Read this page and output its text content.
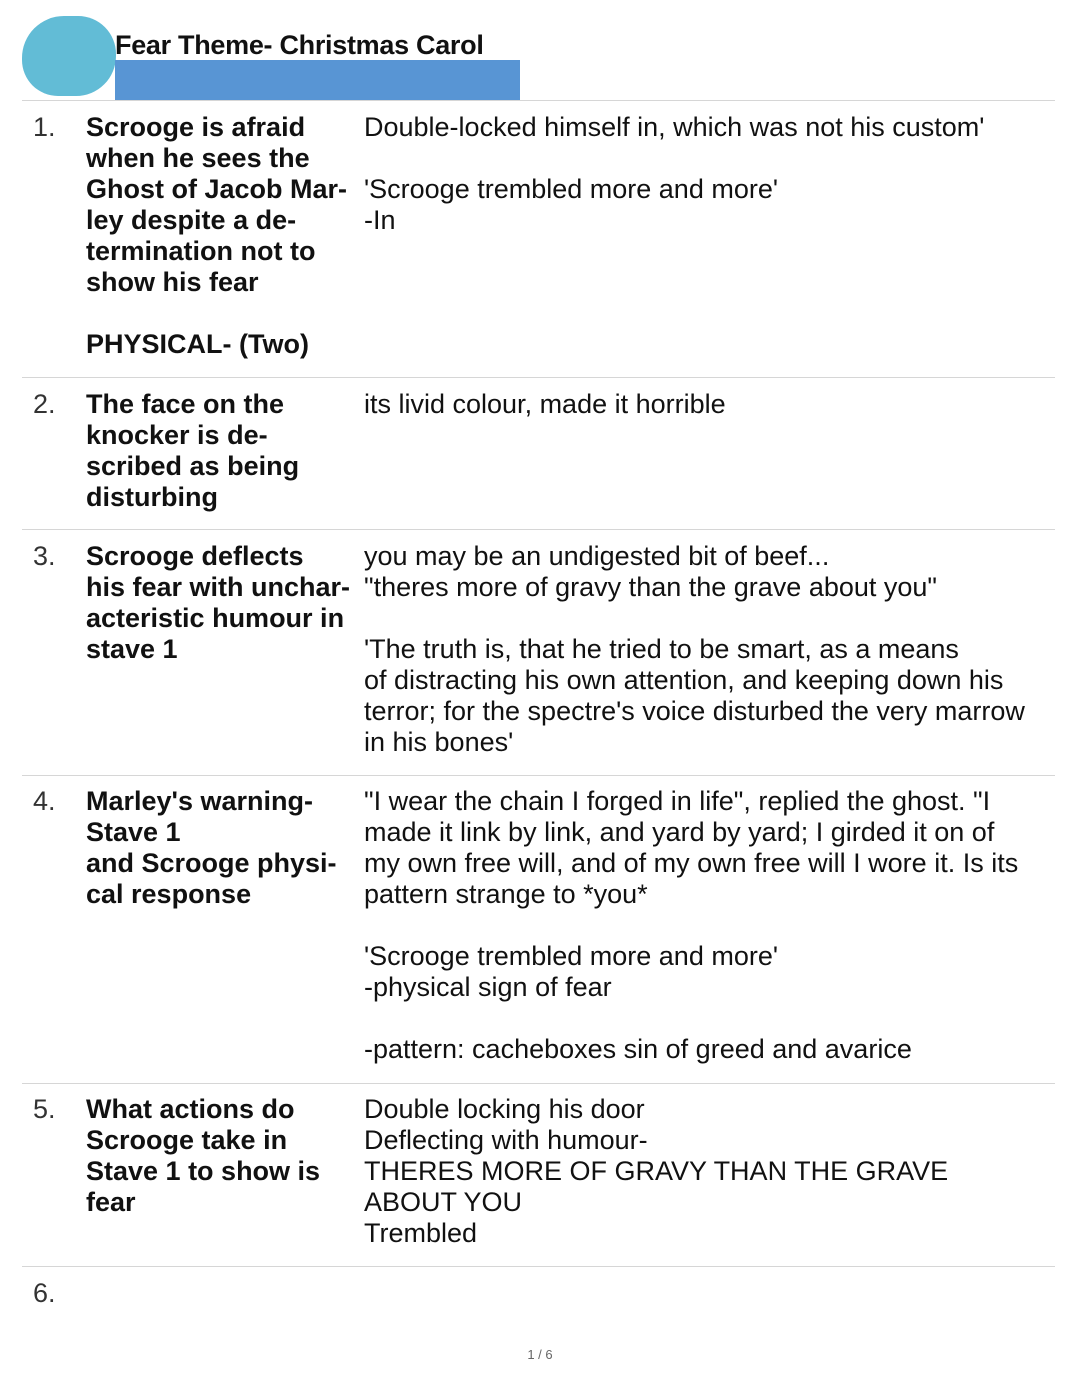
Fear Theme- Christmas Carol
1. Scrooge is afraid
when he sees the
Ghost of Jacob Mar-
ley despite a de-
termination not to
show his fear
PHYSICAL- (Two)
Double-locked himself in, which was not his custom'
'Scrooge trembled more and more'
-In
2. The face on the
knocker is de-
scribed as being
disturbing
its livid colour, made it horrible
3. Scrooge deflects
his fear with unchar-
acteristic humour in
stave 1
you may be an undigested bit of beef...
"theres more of gravy than the grave about you"
'The truth is, that he tried to be smart, as a means
of distracting his own attention, and keeping down his
terror; for the spectre's voice disturbed the very marrow
in his bones'
4. Marley's warning-
Stave 1
and Scrooge physi-
cal response
"I wear the chain I forged in life", replied the ghost. "I
made it link by link, and yard by yard; I girded it on of
my own free will, and of my own free will I wore it. Is its
pattern strange to *you*
'Scrooge trembled more and more'
-physical sign of fear
-pattern: cacheboxes sin of greed and avarice
5. What actions do
Scrooge take in
Stave 1 to show is
fear
Double locking his door
Deflecting with humour-
THERES MORE OF GRAVY THAN THE GRAVE
ABOUT YOU
Trembled
6.
1 / 6
